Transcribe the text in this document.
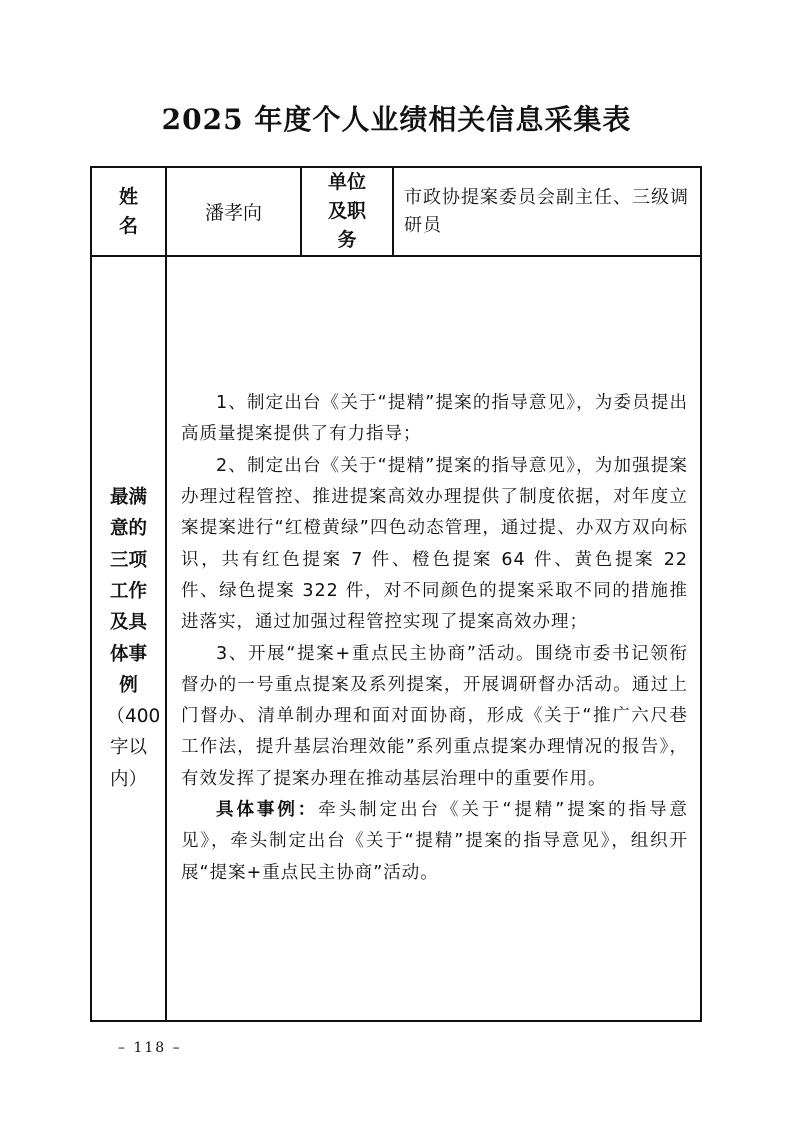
2025 年度个人业绩相关信息采集表
姓 名	潘孝向	单位及职务	市政协提案委员会副主任、三级调研员

最满意的三项工作及具体事例（400字以内）	1、制定出台《关于“提精”提案的指导意见》，为委员提出高质量提案提供了有力指导；

2、制定出台《关于“提精”提案的指导意见》，为加强提案办理过程管控、推进提案高效办理提供了制度依据，对年度立案提案进行“红橙黄绿”四色动态管理，通过提、办双方双向标识，共有红色提案 7 件、橙色提案 64 件、黄色提案 22 件、绿色提案 322 件，对不同颜色的提案采取不同的措施推进落实，通过加强过程管控实现了提案高效办理；

3、开展“提案+重点民主协商”活动。围绕市委书记领衔督办的一号重点提案及系列提案，开展调研督办活动。通过上门督办、清单制办理和面对面协商，形成《关于“推广六尺巷工作法，提升基层治理效能”系列重点提案办理情况的报告》，有效发挥了提案办理在推动基层治理中的重要作用。

具体事例：牵头制定出台《关于“提精”提案的指导意见》，牵头制定出台《关于“提精”提案的指导意见》，组织开展“提案+重点民主协商”活动。		

– 118 –
